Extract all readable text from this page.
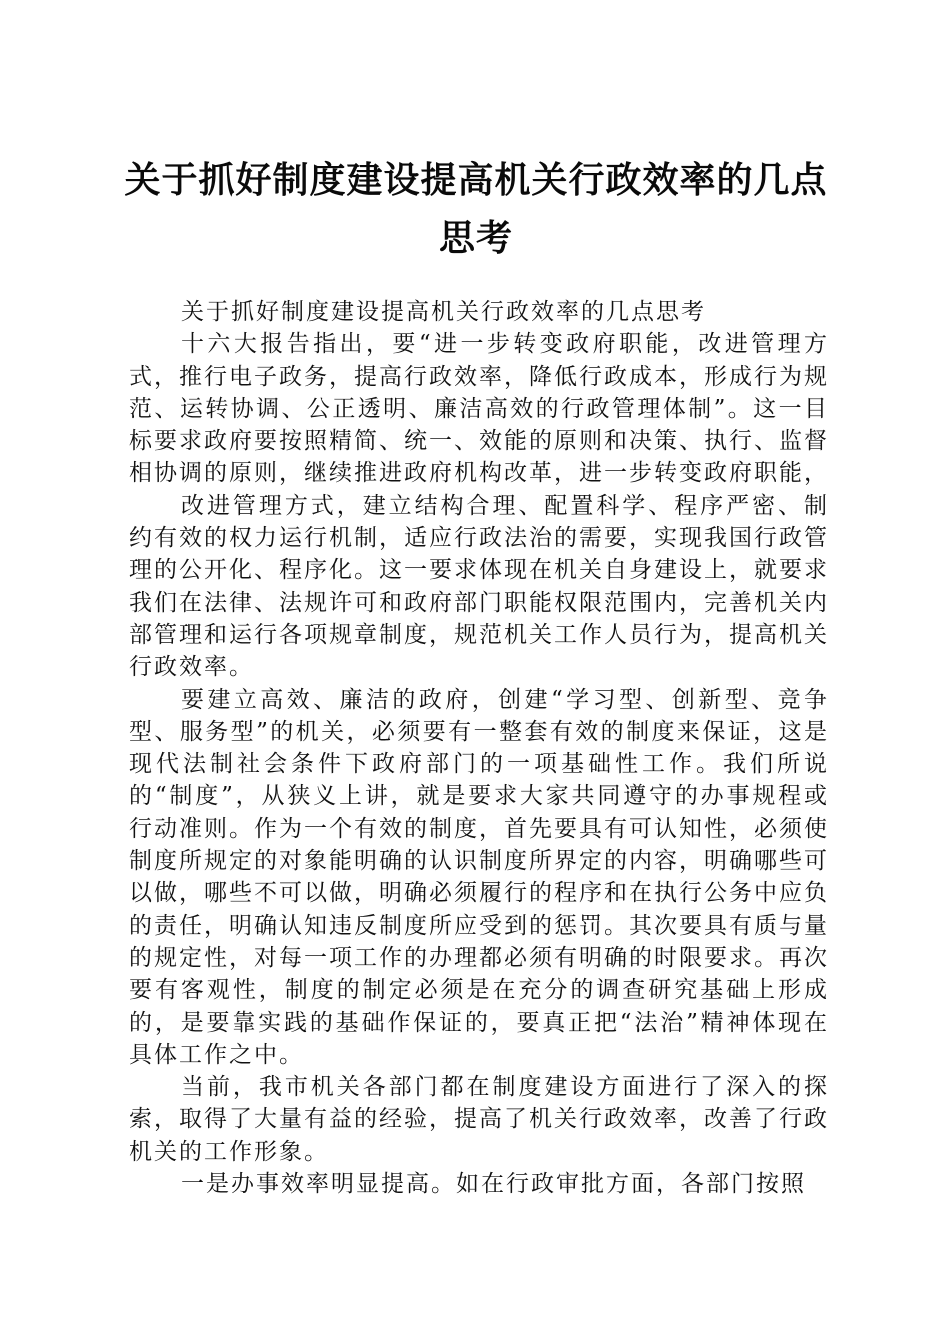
关于抓好制度建设提高机关行政效率的几点思考

关于抓好制度建设提高机关行政效率的几点思考

十六大报告指出，要“进一步转变政府职能，改进管理方式，推行电子政务，提高行政效率，降低行政成本，形成行为规范、运转协调、公正透明、廉洁高效的行政管理体制”。这一目标要求政府要按照精简、统一、效能的原则和决策、执行、监督相协调的原则，继续推进政府机构改革，进一步转变政府职能，

改进管理方式，建立结构合理、配置科学、程序严密、制约有效的权力运行机制，适应行政法治的需要，实现我国行政管理的公开化、程序化。这一要求体现在机关自身建设上，就要求我们在法律、法规许可和政府部门职能权限范围内，完善机关内部管理和运行各项规章制度，规范机关工作人员行为，提高机关行政效率。

要建立高效、廉洁的政府，创建“学习型、创新型、竞争型、服务型”的机关，必须要有一整套有效的制度来保证，这是现代法制社会条件下政府部门的一项基础性工作。我们所说的“制度”，从狭义上讲，就是要求大家共同遵守的办事规程或行动准则。作为一个有效的制度，首先要具有可认知性，必须使制度所规定的对象能明确的认识制度所界定的内容，明确哪些可以做，哪些不可以做，明确必须履行的程序和在执行公务中应负的责任，明确认知违反制度所应受到的惩罚。其次要具有质与量的规定性，对每一项工作的办理都必须有明确的时限要求。再次要有客观性，制度的制定必须是在充分的调查研究基础上形成的，是要靠实践的基础作保证的，要真正把“法治”精神体现在具体工作之中。

当前，我市机关各部门都在制度建设方面进行了深入的探索，取得了大量有益的经验，提高了机关行政效率，改善了行政机关的工作形象。

一是办事效率明显提高。如在行政审批方面，各部门按照
